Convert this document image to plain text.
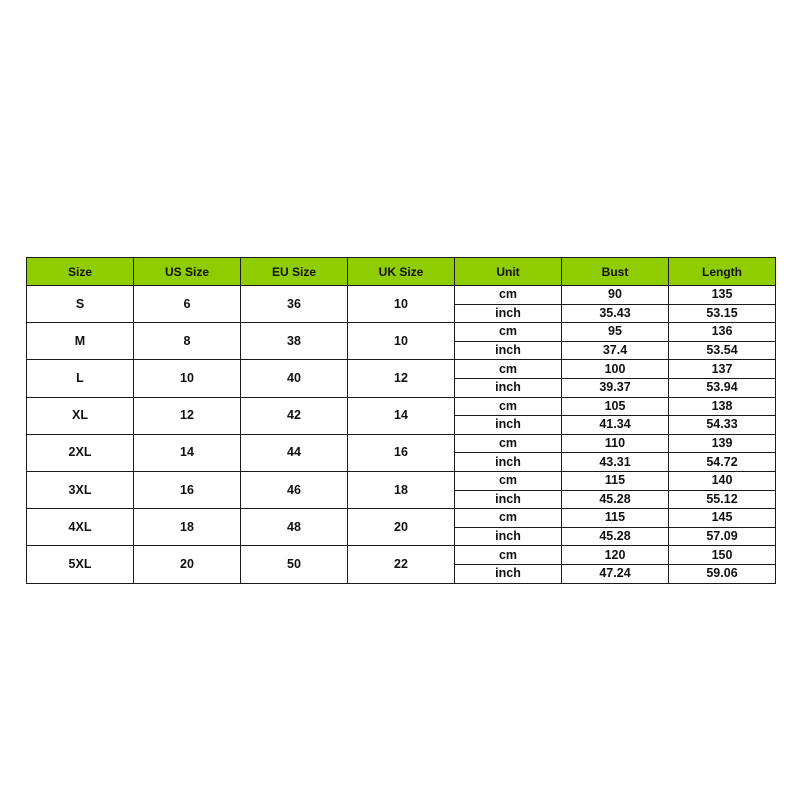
Size	US Size	EU Size	UK Size	Unit	Bust	Length
S	6	36	10	cm	90	135
				inch	35.43	53.15
M	8	38	10	cm	95	136
				inch	37.4	53.54
L	10	40	12	cm	100	137
				inch	39.37	53.94
XL	12	42	14	cm	105	138
				inch	41.34	54.33
2XL	14	44	16	cm	110	139
				inch	43.31	54.72
3XL	16	46	18	cm	115	140
				inch	45.28	55.12
4XL	18	48	20	cm	115	145
				inch	45.28	57.09
5XL	20	50	22	cm	120	150
				inch	47.24	59.06
